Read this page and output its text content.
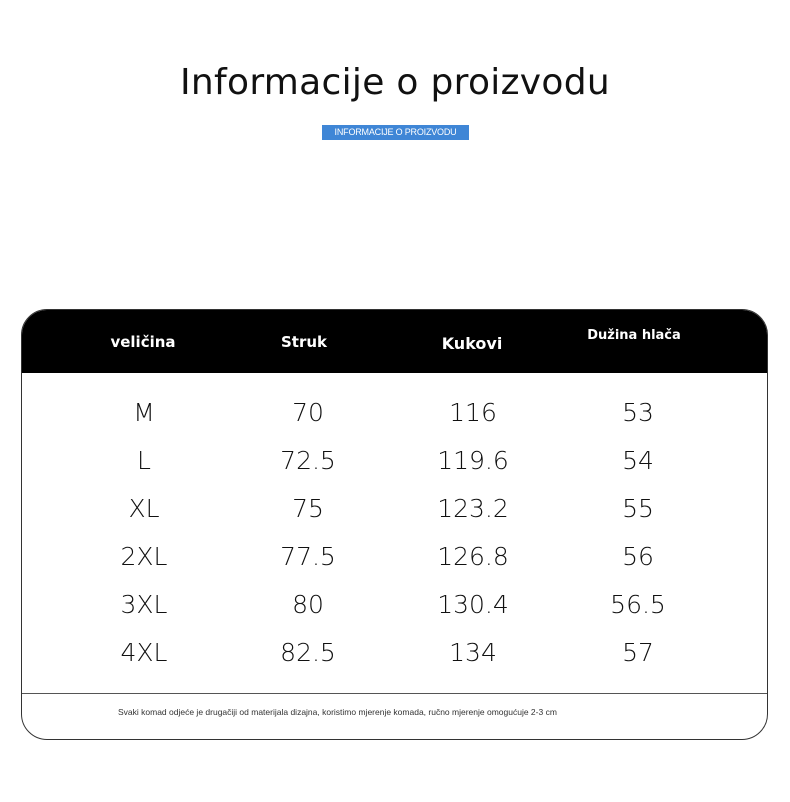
Informacije o proizvodu
INFORMACIJE O PROIZVODU
veličina	Struk	Kukovi	Dužina hlača
M	70	116	53
L	72.5	119.6	54
XL	75	123.2	55
2XL	77.5	126.8	56
3XL	80	130.4	56.5
4XL	82.5	134	57
Svaki komad odjeće je drugačiji od materijala dizajna, koristimo mjerenje komada, ručno mjerenje omogućuje 2-3 cm
